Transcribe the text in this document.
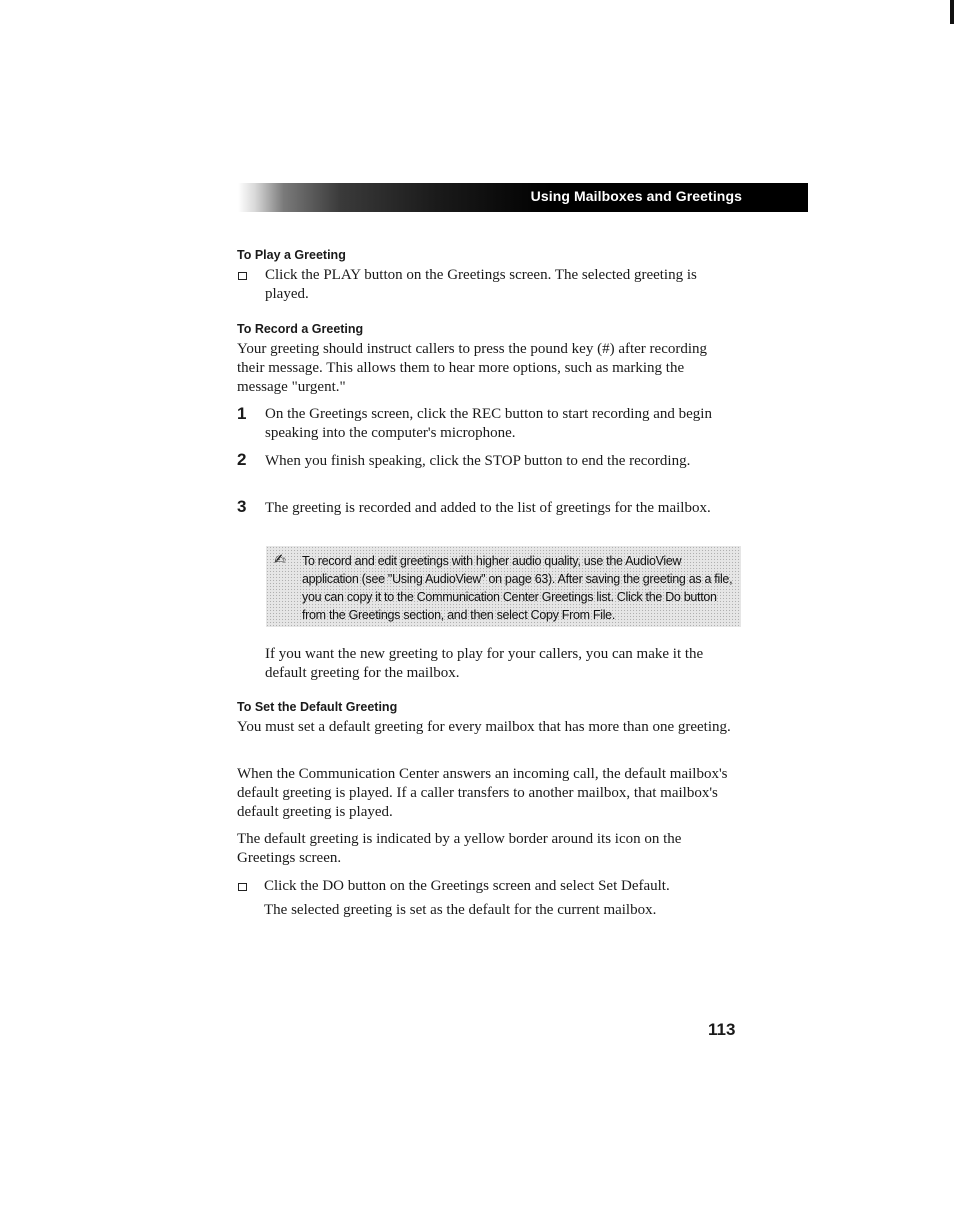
Using Mailboxes and Greetings
To Play a Greeting

Click the PLAY button on the Greetings screen. The selected greeting is played.

To Record a Greeting

Your greeting should instruct callers to press the pound key (#) after recording their message. This allows them to hear more options, such as marking the message "urgent."

1 On the Greetings screen, click the REC button to start recording and begin speaking into the computer's microphone.

2 When you finish speaking, click the STOP button to end the recording.

3 The greeting is recorded and added to the list of greetings for the mailbox.

✍ To record and edit greetings with higher audio quality, use the AudioView application (see "Using AudioView" on page 63). After saving the greeting as a file, you can copy it to the Communication Center Greetings list. Click the Do button from the Greetings section, and then select Copy From File.

If you want the new greeting to play for your callers, you can make it the default greeting for the mailbox.

To Set the Default Greeting

You must set a default greeting for every mailbox that has more than one greeting.

When the Communication Center answers an incoming call, the default mailbox's default greeting is played. If a caller transfers to another mailbox, that mailbox's default greeting is played.

The default greeting is indicated by a yellow border around its icon on the Greetings screen.

Click the DO button on the Greetings screen and select Set Default.

The selected greeting is set as the default for the current mailbox.

113
